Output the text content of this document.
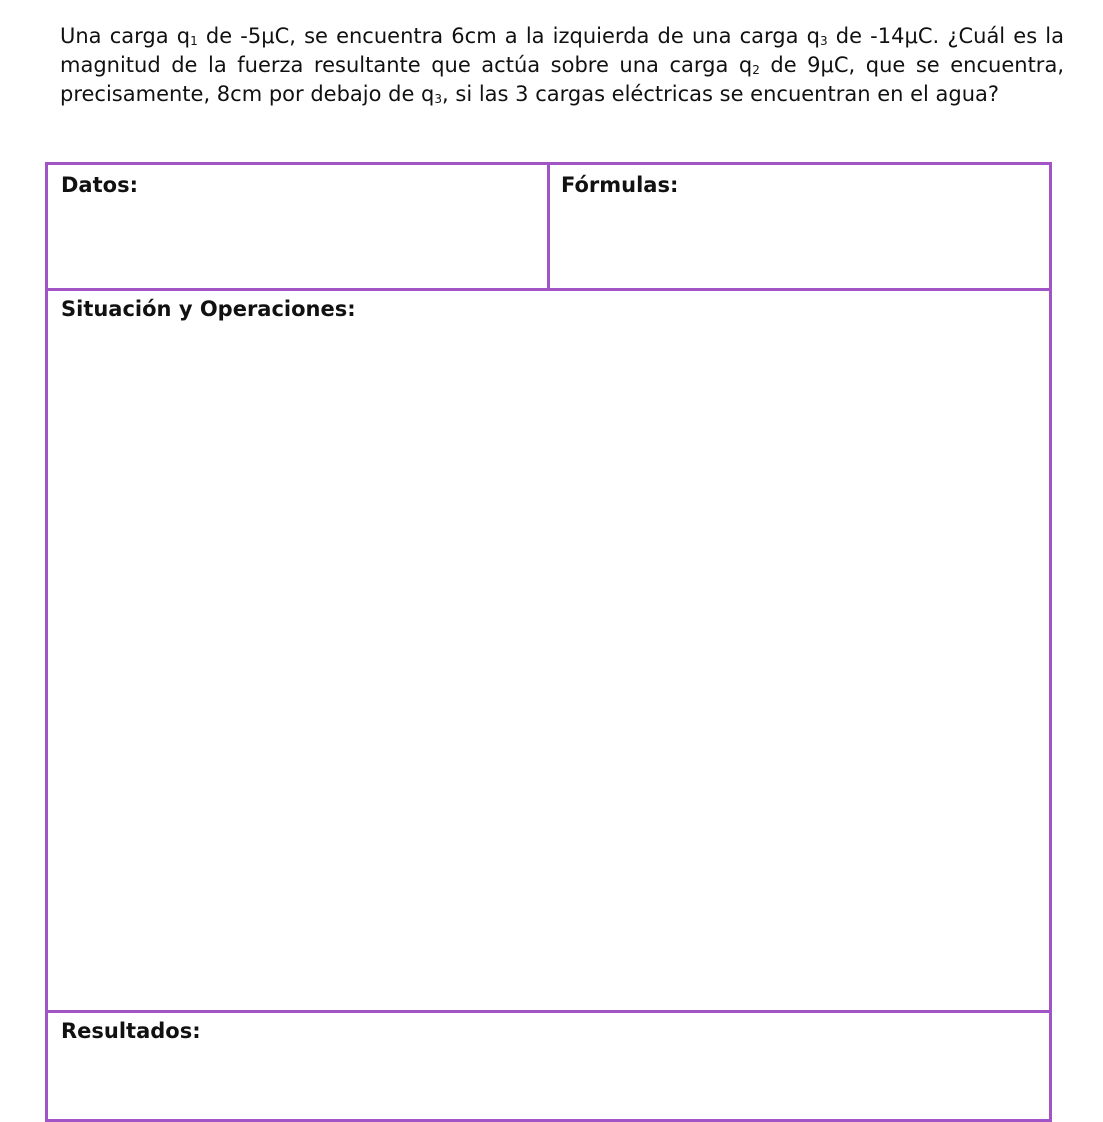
Una carga $q_1$ de -5μC, se encuentra 6cm a la izquierda de una carga $q_3$ de -14μC. ¿Cuál es la magnitud de la fuerza resultante que actúa sobre una carga $q_2$ de 9μC, que se encuentra, precisamente, 8cm por debajo de $q_3$, si las 3 cargas eléctricas se encuentran en el agua?

Datos:	Fórmulas:
Situación y Operaciones:
Resultados:
